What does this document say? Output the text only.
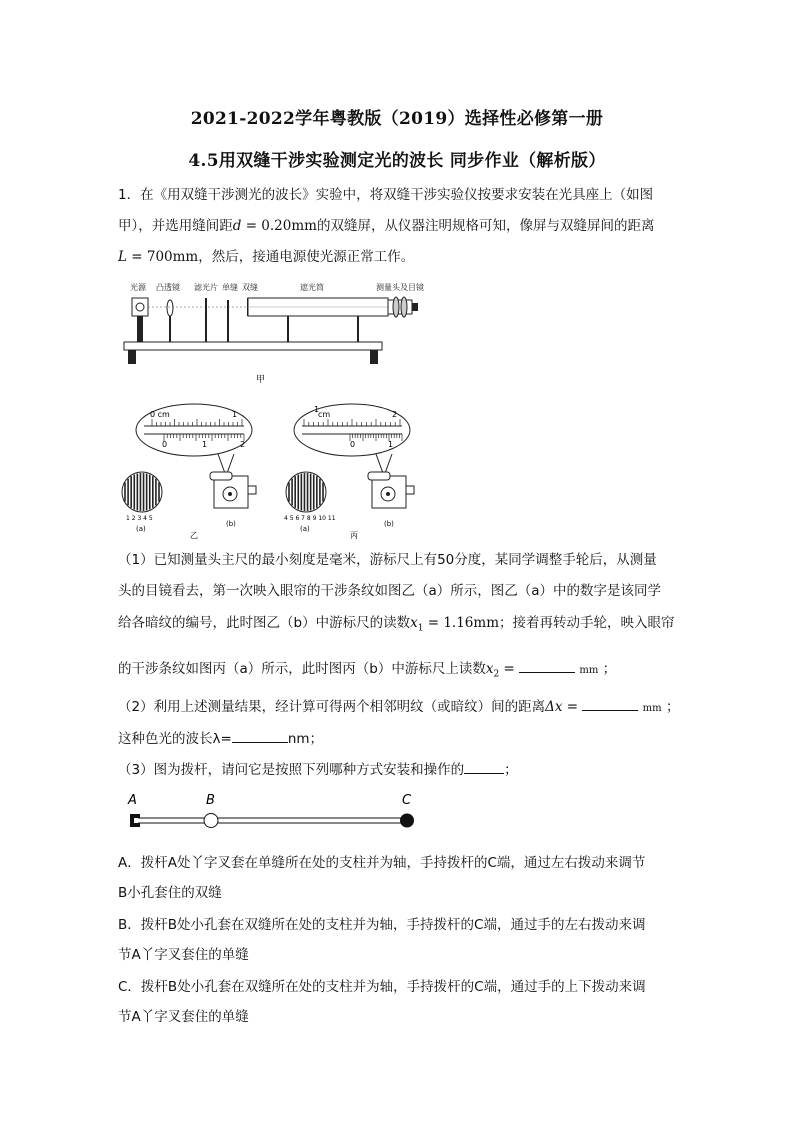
2021-2022学年粤教版（2019）选择性必修第一册
4.5用双缝干涉实验测定光的波长 同步作业（解析版）
1．在《用双缝干涉测光的波长》实验中，将双缝干涉实验仪按要求安装在光具座上（如图
甲），并选用缝间距d = 0.20mm的双缝屏，从仪器注明规格可知，像屏与双缝屏间的距离
L = 700mm，然后，接通电源使光源正常工作。
光源 凸透镜 滤光片 单缝 双缝	遮光筒	测量头及目镜
甲
0 cm	1
0	1	2
1 2 3 4 5
(a)
(b)
乙
cm
1
2
0	1
4 5 6 7 8 9 10 11
(a)
(b)
丙
（1）已知测量头主尺的最小刻度是毫米，游标尺上有50分度，某同学调整手轮后，从测量
头的目镜看去，第一次映入眼帘的干涉条纹如图乙（a）所示，图乙（a）中的数字是该同学
给各暗纹的编号，此时图乙（b）中游标尺的读数$x_1 = 1.16mm$；接着再转动手轮，映入眼帘
的干涉条纹如图丙（a）所示，此时图丙（b）中游标尺上读数$x_2$ =	mm ；
（2）利用上述测量结果，经计算可得两个相邻明纹（或暗纹）间的距离Δx =	mm ；
这种色光的波长λ=	nm；
（3）图为拨杆，请问它是按照下列哪种方式安装和操作的	；
A	B	C
A．拨杆A处丫字叉套在单缝所在处的支柱并为轴，手持拨杆的C端，通过左右拨动来调节
B小孔套住的双缝
B．拨杆B处小孔套在双缝所在处的支柱并为轴，手持拨杆的C端，通过手的左右拨动来调
节A丫字叉套住的单缝
C．拨杆B处小孔套在双缝所在处的支柱并为轴，手持拨杆的C端，通过手的上下拨动来调
节A丫字叉套住的单缝
